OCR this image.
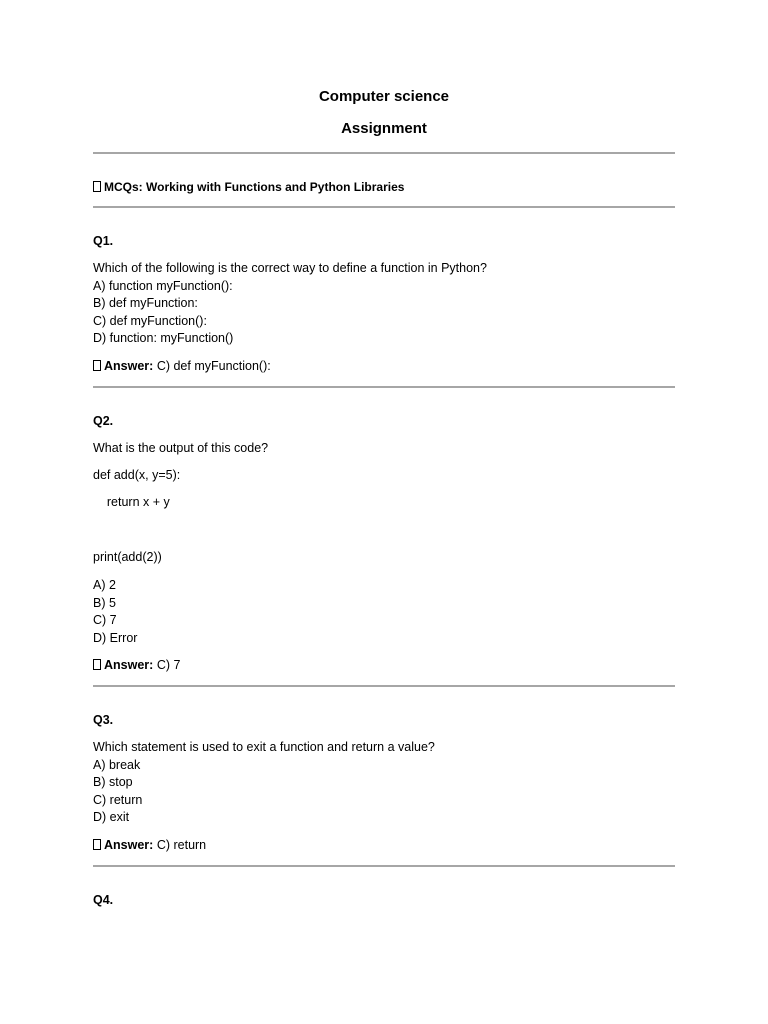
Computer science

Assignment

MCQs: Working with Functions and Python Libraries

Q1.

Which of the following is the correct way to define a function in Python?

A) function myFunction():

B) def myFunction:

C) def myFunction():

D) function: myFunction()

Answer: C) def myFunction():

Q2.

What is the output of this code?

def add(x, y=5):

return x + y

print(add(2))

A) 2

B) 5

C) 7

D) Error

Answer: C) 7

Q3.

Which statement is used to exit a function and return a value?

A) break

B) stop

C) return

D) exit

Answer: C) return

Q4.
